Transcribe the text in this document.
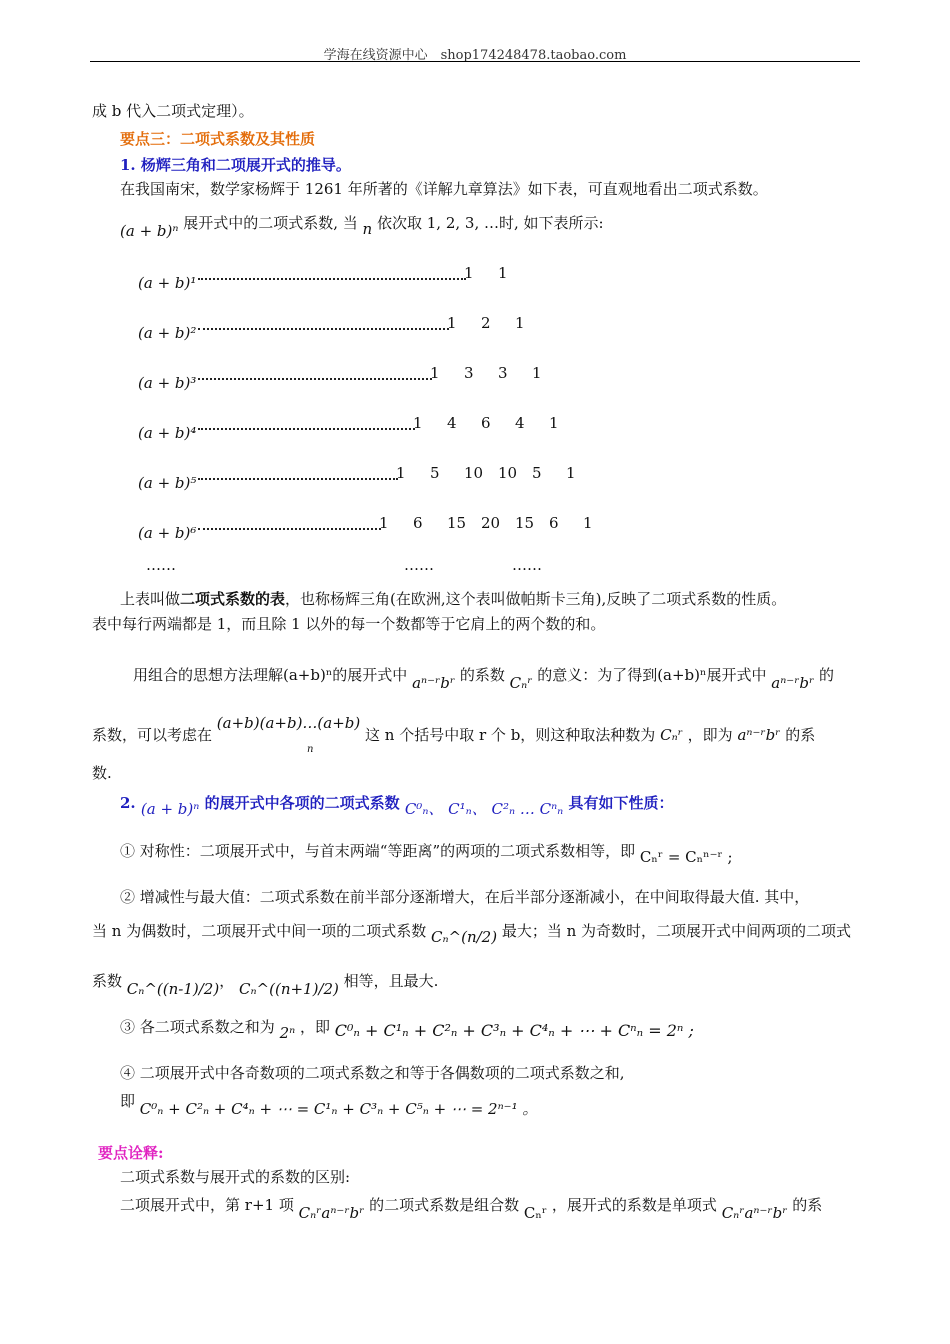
学海在线资源中心　shop174248478.taobao.com
成 b 代入二项式定理）。
要点三：二项式系数及其性质
1. 杨辉三角和二项展开式的推导。
在我国南宋，数学家杨辉于 1261 年所著的《详解九章算法》如下表，可直观地看出二项式系数。
(a + b)ⁿ 展开式中的二项式系数, 当 n 依次取 1, 2, 3, …时, 如下表所示:
(a + b)¹
1 1
(a + b)²
1 2 1
(a + b)³
1 3 3 1
(a + b)⁴
1 4 6 4 1
(a + b)⁵
1 5 10 10 5 1
(a + b)⁶
1 6 15 20 15 6 1
……	……	……
上表叫做二项式系数的表，也称杨辉三角(在欧洲,这个表叫做帕斯卡三角),反映了二项式系数的性质。
表中每行两端都是 1，而且除 1 以外的每一个数都等于它肩上的两个数的和。
用组合的思想方法理解(a+b)ⁿ的展开式中 aⁿ⁻ʳbʳ 的系数 Cₙʳ 的意义：为了得到(a+b)ⁿ展开式中 aⁿ⁻ʳbʳ 的
系数，可以考虑在 (a+b)(a+b)…(a+b)
n
这 n 个括号中取 r 个 b，则这种取法种数为 Cₙʳ ，即为 aⁿ⁻ʳbʳ 的系
数.
2. (a + b)ⁿ 的展开式中各项的二项式系数 C⁰ₙ、 C¹ₙ、 C²ₙ … Cⁿₙ 具有如下性质：
① 对称性：二项展开式中，与首末两端“等距离”的两项的二项式系数相等，即 Cₙʳ = Cₙⁿ⁻ʳ ;
② 增减性与最大值：二项式系数在前半部分逐渐增大，在后半部分逐渐减小，在中间取得最大值. 其中，
当 n 为偶数时，二项展开式中间一项的二项式系数 Cₙ^(n/2) 最大；当 n 为奇数时，二项展开式中间两项的二项式
系数 Cₙ^((n-1)/2)， Cₙ^((n+1)/2) 相等，且最大.
③ 各二项式系数之和为 2ⁿ ，即 C⁰ₙ + C¹ₙ + C²ₙ + C³ₙ + C⁴ₙ + ⋯ + Cⁿₙ = 2ⁿ ;
④ 二项展开式中各奇数项的二项式系数之和等于各偶数项的二项式系数之和,
即 C⁰ₙ + C²ₙ + C⁴ₙ + ⋯ = C¹ₙ + C³ₙ + C⁵ₙ + ⋯ = 2ⁿ⁻¹ 。
要点诠释:
二项式系数与展开式的系数的区别:
二项展开式中，第 r+1 项 Cₙʳaⁿ⁻ʳbʳ 的二项式系数是组合数 Cₙʳ ，展开式的系数是单项式 Cₙʳaⁿ⁻ʳbʳ 的系
